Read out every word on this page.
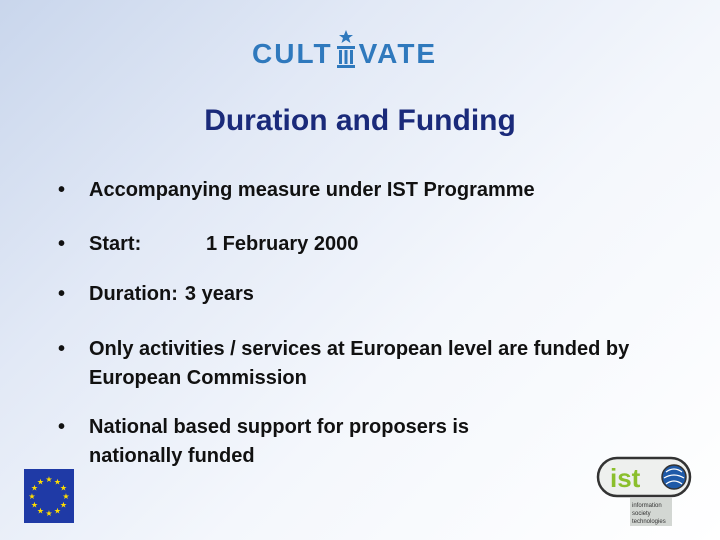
CULT VATE
Duration and Funding
•	Accompanying measure under IST Programme
•	Start:	1 February 2000
•	Duration: 3 years
•	Only activities / services at European level are funded by European Commission
•	National based support for proposers is nationally funded
★ ★
★
★
★
★
★
★
★
★
★
★	ist
information
society
technologies
